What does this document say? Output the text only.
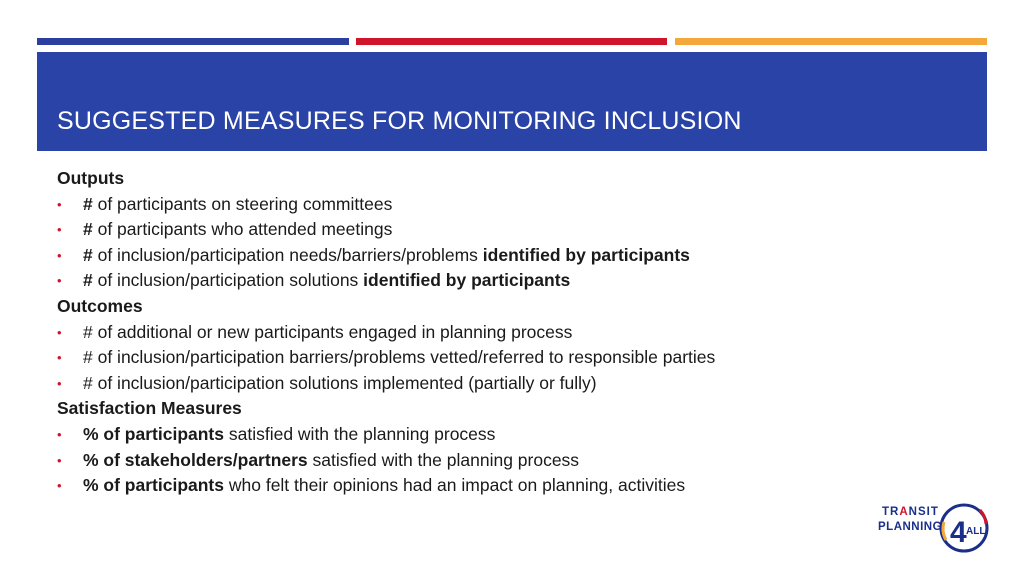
SUGGESTED MEASURES FOR MONITORING INCLUSION
Outputs
• # of participants on steering committees
• # of participants who attended meetings
• # of inclusion/participation needs/barriers/problems identified by participants
• # of inclusion/participation solutions identified by participants
Outcomes
• # of additional or new participants engaged in planning process
• # of inclusion/participation barriers/problems vetted/referred to responsible parties
• # of inclusion/participation solutions implemented (partially or fully)
Satisfaction Measures
• % of participants satisfied with the planning process
• % of stakeholders/partners satisfied with the planning process
• % of participants who felt their opinions had an impact on planning, activities
TRANSIT
PLANNING 4 ALL
